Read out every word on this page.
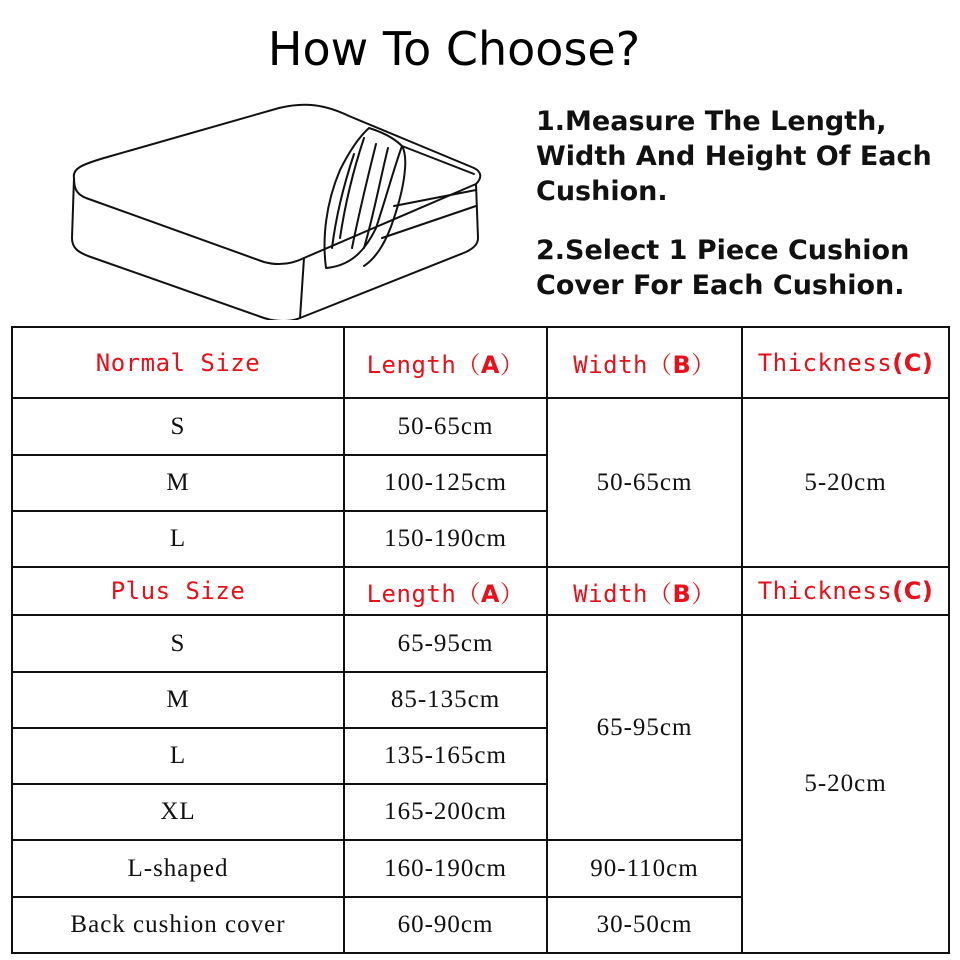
How To Choose?

1.Measure The Length, Width And Height Of Each Cushion.

2.Select 1 Piece Cushion Cover For Each Cushion.

Normal Size	Length（A）	Width（B）	Thickness(C)
S	50-65cm	50-65cm	5-20cm
M	100-125cm		
L	150-190cm		
Plus Size	Length（A）	Width（B）	Thickness(C)
S	65-95cm	65-95cm	5-20cm
M	85-135cm		
L	135-165cm		
XL	165-200cm		
L-shaped	160-190cm	90-110cm	
Back cushion cover	60-90cm	30-50cm	
